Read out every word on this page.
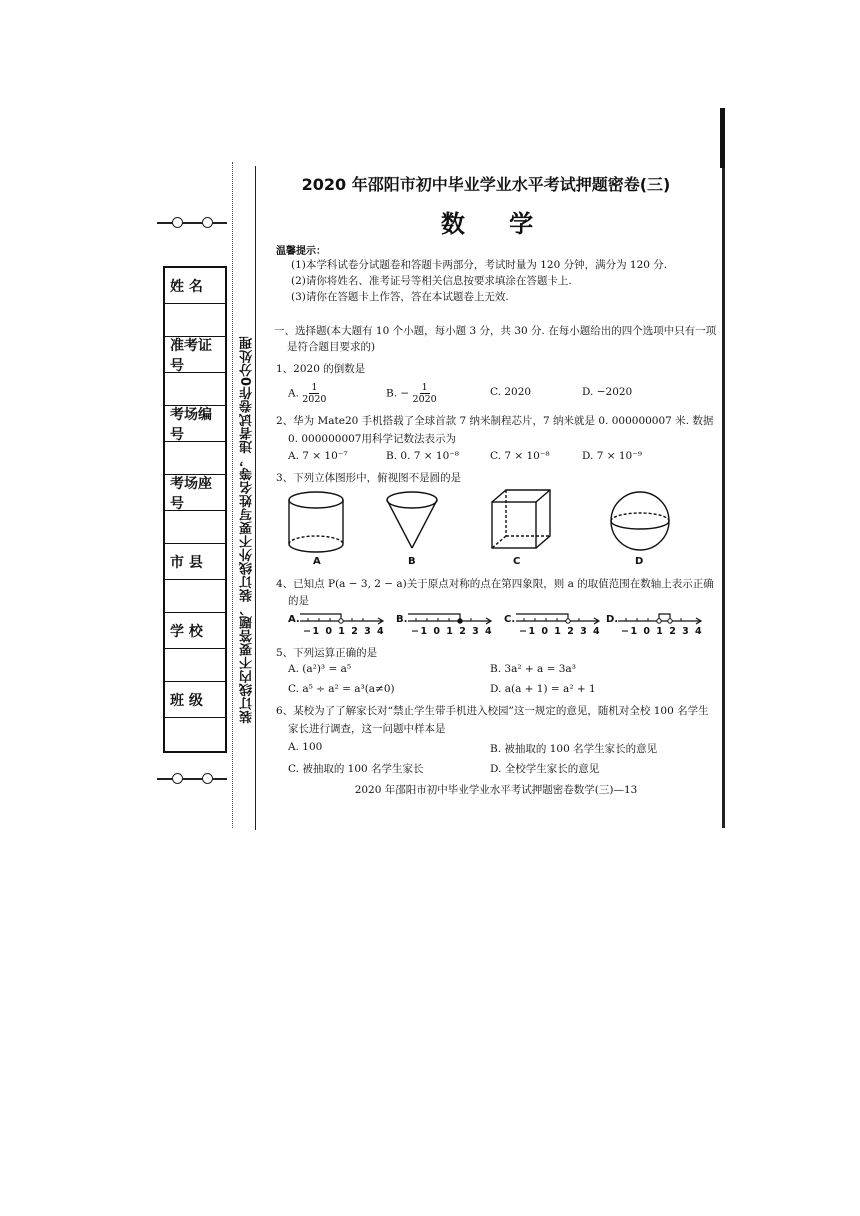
姓 名
准考证号
考场编号
考场座号
市 县
学 校
班 级	装订线内不要答题、装订线外不要写姓名等，违者试卷作0分处理
2020 年邵阳市初中毕业学业水平考试押题密卷(三)
数 学
温馨提示：
(1)本学科试卷分试题卷和答题卡两部分，考试时量为 120 分钟，满分为 120 分.
(2)请你将姓名、准考证号等相关信息按要求填涂在答题卡上.
(3)请你在答题卡上作答，答在本试题卷上无效.
一、选择题(本大题有 10 个小题，每小题 3 分，共 30 分. 在每小题给出的四个选项中只有一项
是符合题目要求的)
1、2020 的倒数是
A. $\frac{1}{2020}$	B. − $\frac{1}{2020}$	C. 2020	D. −2020
2、华为 Mate20 手机搭载了全球首款 7 纳米制程芯片，7 纳米就是 0. 000000007 米. 数据
0. 000000007用科学记数法表示为
A. 7 × 10⁻⁷	B. 0. 7 × 10⁻⁸	C. 7 × 10⁻⁸	D. 7 × 10⁻⁹
3、下列立体图形中，俯视图不是圆的是
A	B	C	D
4、已知点 P(a − 3, 2 − a)关于原点对称的点在第四象限，则 a 的取值范围在数轴上表示正确
的是
A.	B.	C.	D.
−1 0 1 2 3 4	−1 0 1 2 3 4	−1 0 1 2 3 4 −1 0 1 2 3 4
5、下列运算正确的是
A. (a²)³ = a⁵	B. 3a² + a = 3a³
C. a⁵ ÷ a² = a³(a≠0)	D. a(a + 1) = a² + 1
6、某校为了了解家长对“禁止学生带手机进入校园”这一规定的意见，随机对全校 100 名学生
家长进行调查，这一问题中样本是
A. 100	B. 被抽取的 100 名学生家长的意见
C. 被抽取的 100 名学生家长	D. 全校学生家长的意见
2020 年邵阳市初中毕业学业水平考试押题密卷数学(三)—13
